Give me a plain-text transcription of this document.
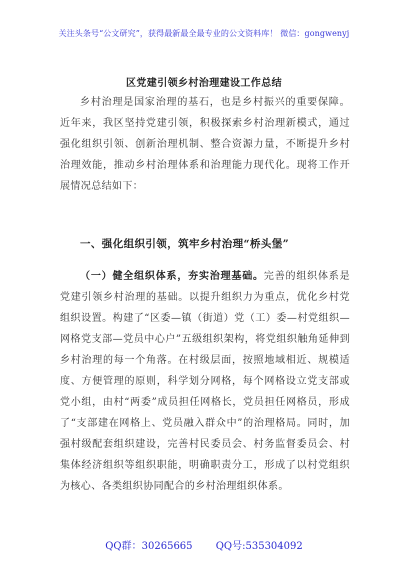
关注头条号“公文研究”，获得最新最全最专业的公文资料库！ 微信：gongwenyj
区党建引领乡村治理建设工作总结
乡村治理是国家治理的基石，也是乡村振兴的重要保障。近年来，我区坚持党建引领，积极探索乡村治理新模式，通过强化组织引领、创新治理机制、整合资源力量，不断提升乡村治理效能，推动乡村治理体系和治理能力现代化。现将工作开展情况总结如下：
一、强化组织引领，筑牢乡村治理“桥头堡”
（一）健全组织体系，夯实治理基础。完善的组织体系是党建引领乡村治理的基础。以提升组织力为重点，优化乡村党组织设置。构建了“区委—镇（街道）党（工）委—村党组织—网格党支部—党员中心户”五级组织架构，将党组织触角延伸到乡村治理的每一个角落。在村级层面，按照地域相近、规模适度、方便管理的原则，科学划分网格，每个网格设立党支部或党小组，由村“两委”成员担任网格长，党员担任网格员，形成了“支部建在网格上、党员融入群众中”的治理格局。同时，加强村级配套组织建设，完善村民委员会、村务监督委员会、村集体经济组织等组织职能，明确职责分工，形成了以村党组织为核心、各类组织协同配合的乡村治理组织体系。
QQ群：30265665 QQ号:535304092
